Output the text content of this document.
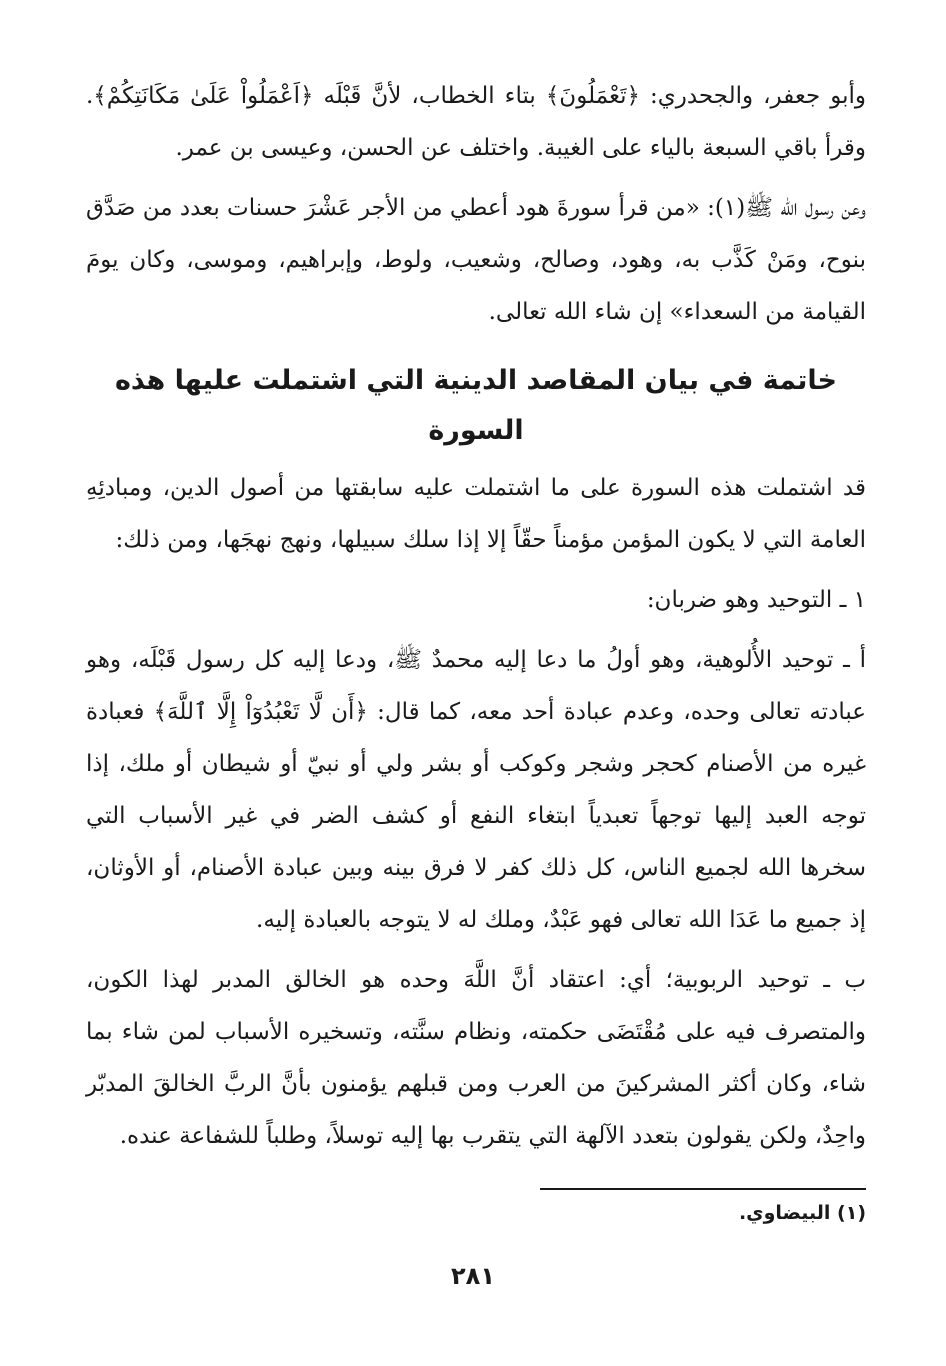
وأبو جعفر، والجحدري: ﴿تَعْمَلُونَ﴾ بتاء الخطاب، لأنَّ قَبْلَه ﴿اَعْمَلُواْ عَلَىٰ مَكَانَتِكُمْ﴾. وقرأ باقي السبعة بالياء على الغيبة. واختلف عن الحسن، وعيسى بن عمر.

وعن رسول الله ﷺ(١): «من قرأ سورةَ هود أعطي من الأجر عَشْرَ حسنات بعدد من صَدَّق بنوح، ومَنْ كَذَّب به، وهود، وصالح، وشعيب، ولوط، وإبراهيم، وموسى، وكان يومَ القيامة من السعداء» إن شاء الله تعالى.

خاتمة في بيان المقاصد الدينية التي اشتملت عليها هذه السورة

قد اشتملت هذه السورة على ما اشتملت عليه سابقتها من أصول الدين، ومبادئِهِ العامة التي لا يكون المؤمن مؤمناً حقّاً إلا إذا سلك سبيلها، ونهج نهجَها، ومن ذلك:

١ ـ التوحيد وهو ضربان:

أ ـ توحيد الأُلوهية، وهو أولُ ما دعا إليه محمدٌ ﷺ، ودعا إليه كل رسول قَبْلَه، وهو عبادته تعالى وحده، وعدم عبادة أحد معه، كما قال: ﴿أَن لَّا تَعْبُدُوٓاْ إِلَّا ٱللَّهَ﴾ فعبادة غيره من الأصنام كحجر وشجر وكوكب أو بشر ولي أو نبيّ أو شيطان أو ملك، إذا توجه العبد إليها توجهاً تعبدياً ابتغاء النفع أو كشف الضر في غير الأسباب التي سخرها الله لجميع الناس، كل ذلك كفر لا فرق بينه وبين عبادة الأصنام، أو الأوثان، إذ جميع ما عَدَا الله تعالى فهو عَبْدٌ، وملك له لا يتوجه بالعبادة إليه.

ب ـ توحيد الربوبية؛ أي: اعتقاد أنَّ اللَّهَ وحده هو الخالق المدبر لهذا الكون، والمتصرف فيه على مُقْتَضَى حكمته، ونظام سنَّته، وتسخيره الأسباب لمن شاء بما شاء، وكان أكثر المشركينَ من العرب ومن قبلهم يؤمنون بأنَّ الربَّ الخالقَ المدبّر واحِدٌ، ولكن يقولون بتعدد الآلهة التي يتقرب بها إليه توسلاً، وطلباً للشفاعة عنده.

(١) البيضاوي.
٢٨١
